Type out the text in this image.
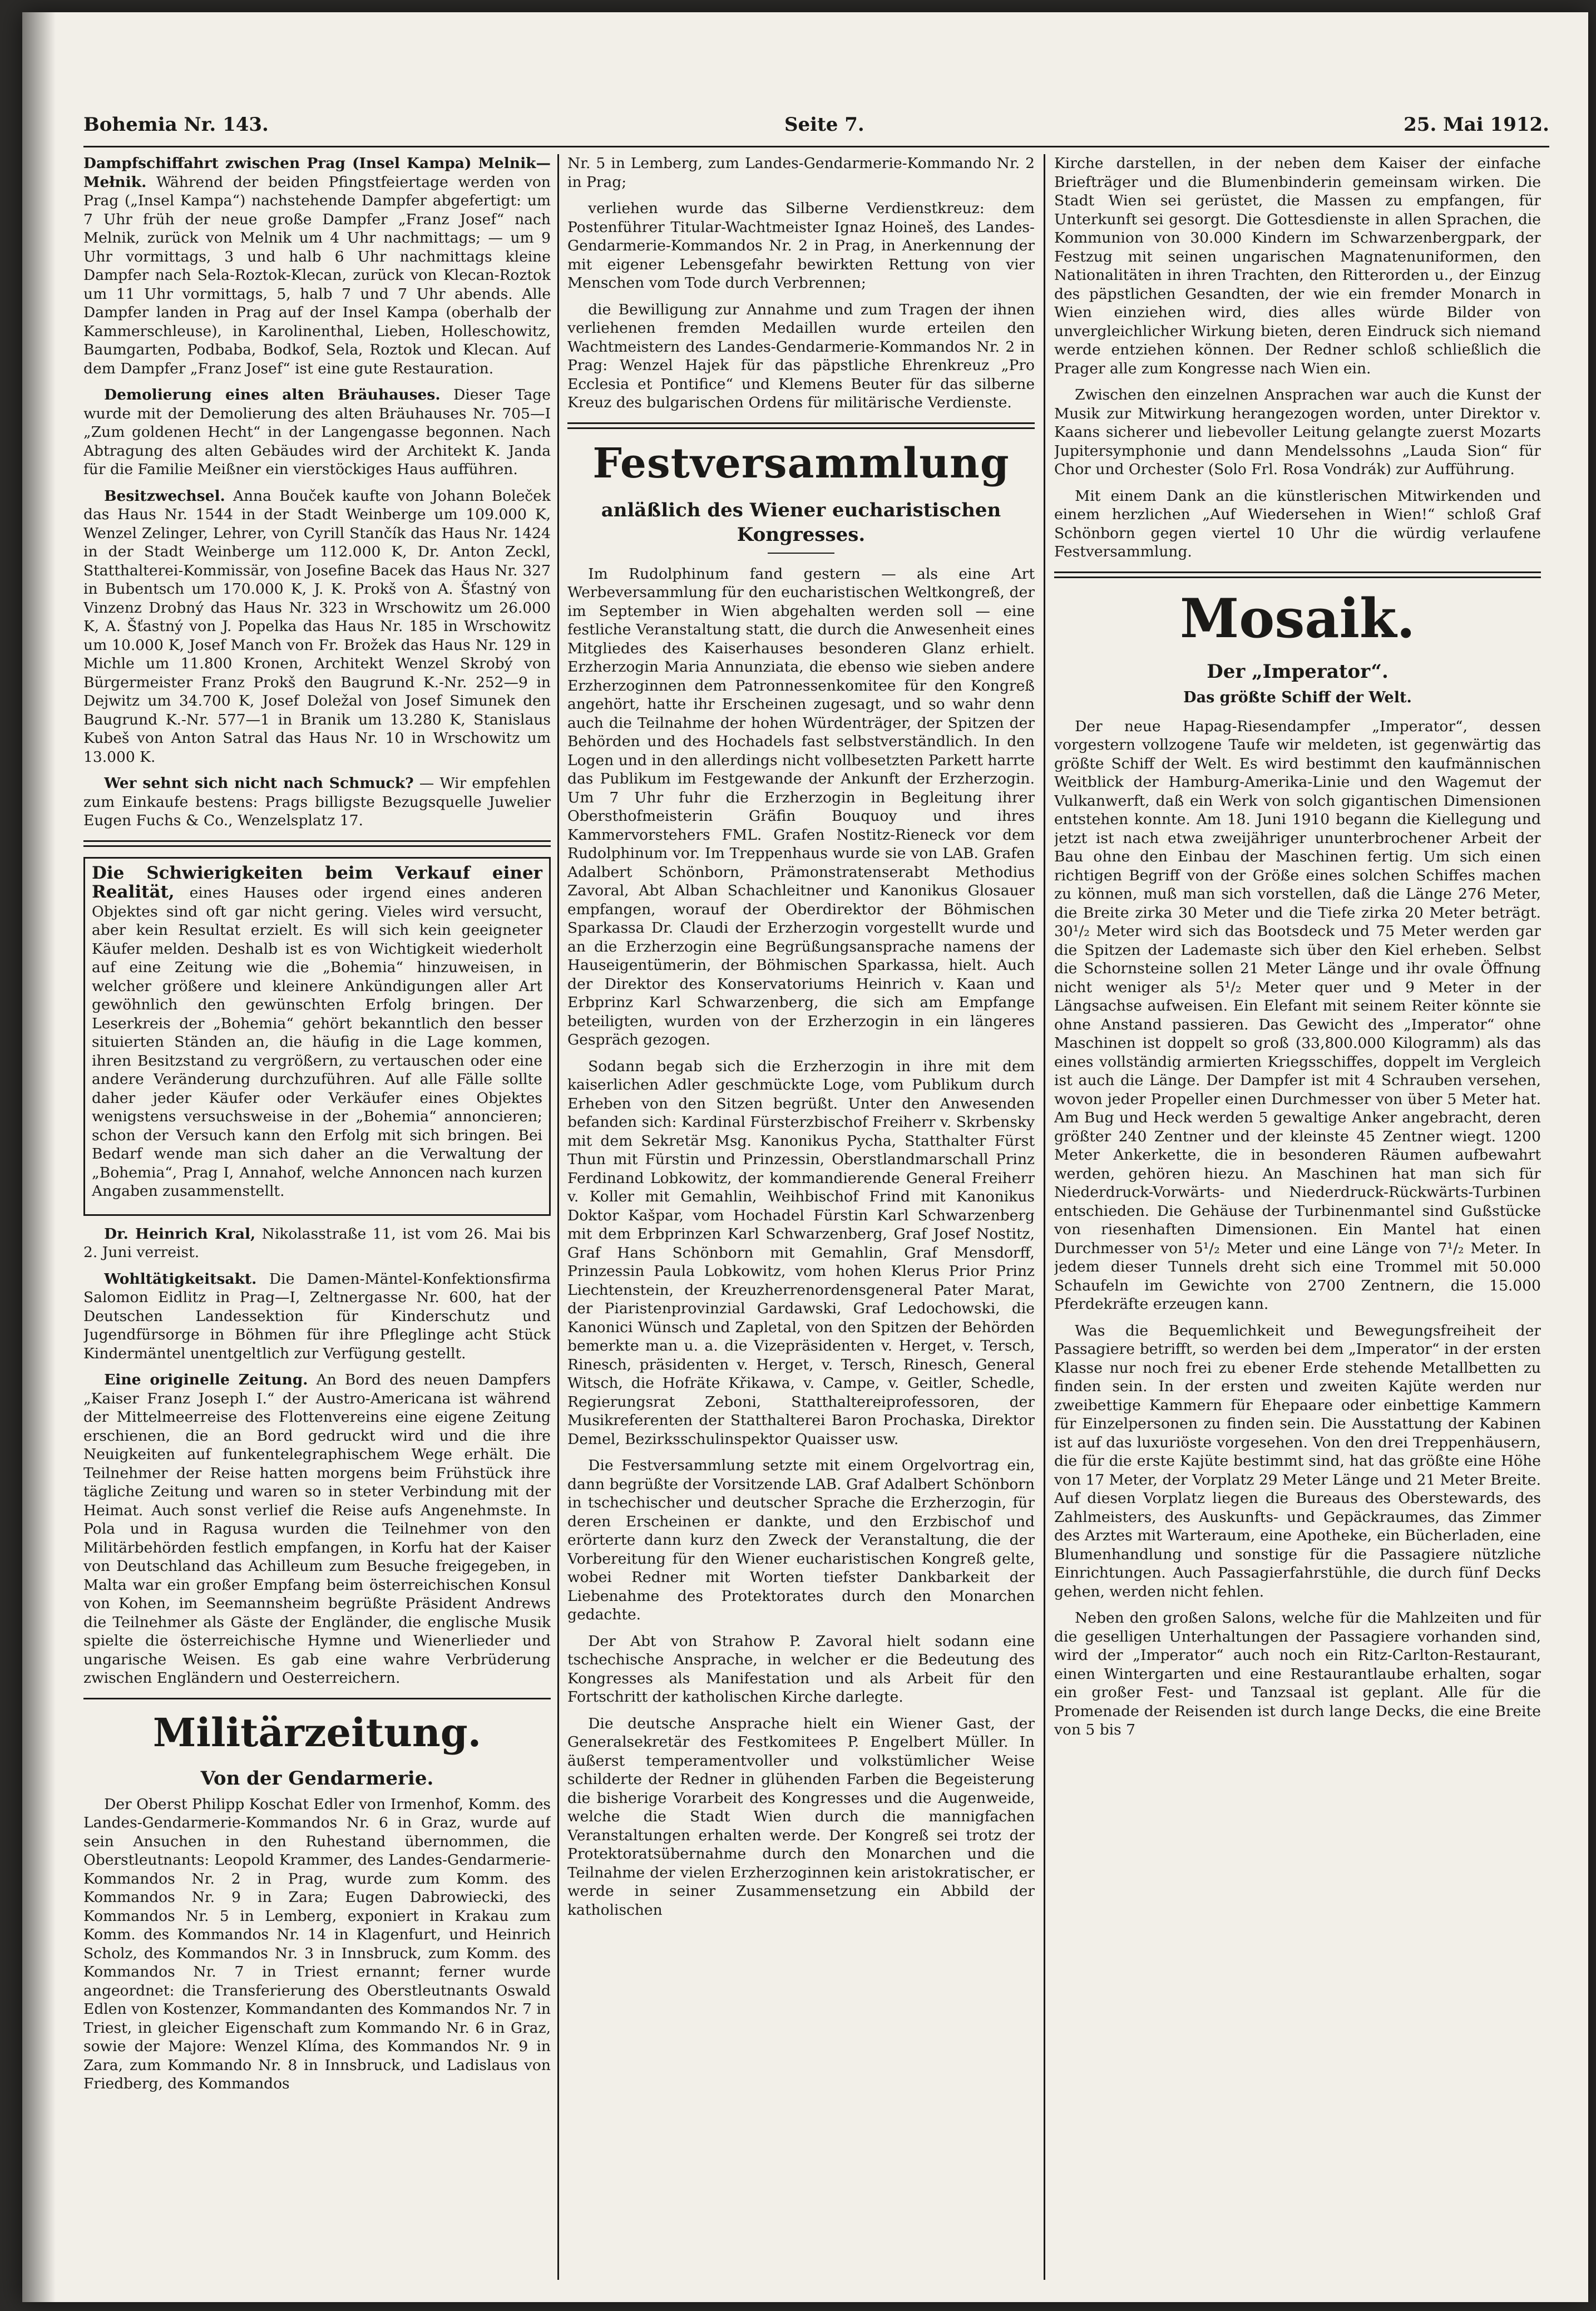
Bohemia Nr. 143.	Seite 7.	25. Mai 1912.

Dampfschiffahrt zwischen Prag (Insel Kampa) Melnik—Mełnik. Während der beiden Pfingstfeiertage werden von Prag („Insel Kampa“) nachstehende Dampfer abgefertigt: um 7 Uhr früh der neue große Dampfer „Franz Josef“ nach Melnik, zurück von Melnik um 4 Uhr nachmittags; — um 9 Uhr vormittags, 3 und halb 6 Uhr nachmittags kleine Dampfer nach Sela-Roztok-Klecan, zurück von Klecan-Roztok um 11 Uhr vormittags, 5, halb 7 und 7 Uhr abends. Alle Dampfer landen in Prag auf der Insel Kampa (oberhalb der Kammerschleuse), in Karolinenthal, Lieben, Holleschowitz, Baumgarten, Podbaba, Bodkof, Sela, Roztok und Klecan. Auf dem Dampfer „Franz Josef“ ist eine gute Restauration.

Demolierung eines alten Bräuhauses. Dieser Tage wurde mit der Demolierung des alten Bräuhauses Nr. 705—I „Zum goldenen Hecht“ in der Langengasse begonnen. Nach Abtragung des alten Gebäudes wird der Architekt K. Janda für die Familie Meißner ein vierstöckiges Haus aufführen.

Besitzwechsel. Anna Bouček kaufte von Johann Boleček das Haus Nr. 1544 in der Stadt Weinberge um 109.000 K, Wenzel Zelinger, Lehrer, von Cyrill Stančík das Haus Nr. 1424 in der Stadt Weinberge um 112.000 K, Dr. Anton Zeckl, Statthalterei-Kommissär, von Josefine Bacek das Haus Nr. 327 in Bubentsch um 170.000 K, J. K. Prokš von A. Šťastný von Vinzenz Drobný das Haus Nr. 323 in Wrschowitz um 26.000 K, A. Šťastný von J. Popelka das Haus Nr. 185 in Wrschowitz um 10.000 K, Josef Manch von Fr. Brožek das Haus Nr. 129 in Michle um 11.800 Kronen, Architekt Wenzel Skrobý von Bürgermeister Franz Prokš den Baugrund K.-Nr. 252—9 in Dejwitz um 34.700 K, Josef Doležal von Josef Simunek den Baugrund K.-Nr. 577—1 in Branik um 13.280 K, Stanislaus Kubeš von Anton Satral das Haus Nr. 10 in Wrschowitz um 13.000 K.

Wer sehnt sich nicht nach Schmuck? — Wir empfehlen zum Einkaufe bestens: Prags billigste Bezugsquelle Juwelier Eugen Fuchs & Co., Wenzelsplatz 17.

Die Schwierigkeiten beim Verkauf einer Realität, eines Hauses oder irgend eines anderen Objektes sind oft gar nicht gering. Vieles wird versucht, aber kein Resultat erzielt. Es will sich kein geeigneter Käufer melden. Deshalb ist es von Wichtigkeit wiederholt auf eine Zeitung wie die „Bohemia“ hinzuweisen, in welcher größere und kleinere Ankündigungen aller Art gewöhnlich den gewünschten Erfolg bringen. Der Leserkreis der „Bohemia“ gehört bekanntlich den besser situierten Ständen an, die häufig in die Lage kommen, ihren Besitzstand zu vergrößern, zu vertauschen oder eine andere Veränderung durchzuführen. Auf alle Fälle sollte daher jeder Käufer oder Verkäufer eines Objektes wenigstens versuchsweise in der „Bohemia“ annoncieren; schon der Versuch kann den Erfolg mit sich bringen. Bei Bedarf wende man sich daher an die Verwaltung der „Bohemia“, Prag I, Annahof, welche Annoncen nach kurzen Angaben zusammenstellt.

Dr. Heinrich Kral, Nikolasstraße 11, ist vom 26. Mai bis 2. Juni verreist.

Wohltätigkeitsakt. Die Damen-Mäntel-Konfektionsfirma Salomon Eidlitz in Prag—I, Zeltnergasse Nr. 600, hat der Deutschen Landessektion für Kinderschutz und Jugendfürsorge in Böhmen für ihre Pfleglinge acht Stück Kindermäntel unentgeltlich zur Verfügung gestellt.

Eine originelle Zeitung. An Bord des neuen Dampfers „Kaiser Franz Joseph I.“ der Austro-Americana ist während der Mittelmeerreise des Flottenvereins eine eigene Zeitung erschienen, die an Bord gedruckt wird und die ihre Neuigkeiten auf funkentelegraphischem Wege erhält. Die Teilnehmer der Reise hatten morgens beim Frühstück ihre tägliche Zeitung und waren so in steter Verbindung mit der Heimat. Auch sonst verlief die Reise aufs Angenehmste. In Pola und in Ragusa wurden die Teilnehmer von den Militärbehörden festlich empfangen, in Korfu hat der Kaiser von Deutschland das Achilleum zum Besuche freigegeben, in Malta war ein großer Empfang beim österreichischen Konsul von Kohen, im Seemannsheim begrüßte Präsident Andrews die Teilnehmer als Gäste der Engländer, die englische Musik spielte die österreichische Hymne und Wienerlieder und ungarische Weisen. Es gab eine wahre Verbrüderung zwischen Engländern und Oesterreichern.

Militärzeitung.
Von der Gendarmerie.

Der Oberst Philipp Koschat Edler von Irmenhof, Komm. des Landes-Gendarmerie-Kommandos Nr. 6 in Graz, wurde auf sein Ansuchen in den Ruhestand übernommen, die Oberstleutnants: Leopold Krammer, des Landes-Gendarmerie-Kommandos Nr. 2 in Prag, wurde zum Komm. des Kommandos Nr. 9 in Zara; Eugen Dabrowiecki, des Kommandos Nr. 5 in Lemberg, exponiert in Krakau zum Komm. des Kommandos Nr. 14 in Klagenfurt, und Heinrich Scholz, des Kommandos Nr. 3 in Innsbruck, zum Komm. des Kommandos Nr. 7 in Triest ernannt; ferner wurde angeordnet: die Transferierung des Oberstleutnants Oswald Edlen von Kostenzer, Kommandanten des Kommandos Nr. 7 in Triest, in gleicher Eigenschaft zum Kommando Nr. 6 in Graz, sowie der Majore: Wenzel Klíma, des Kommandos Nr. 9 in Zara, zum Kommando Nr. 8 in Innsbruck, und Ladislaus von Friedberg, des Kommandos

Nr. 5 in Lemberg, zum Landes-Gendarmerie-Kommando Nr. 2 in Prag;

verliehen wurde das Silberne Verdienstkreuz: dem Postenführer Titular-Wachtmeister Ignaz Hoineš, des Landes-Gendarmerie-Kommandos Nr. 2 in Prag, in Anerkennung der mit eigener Lebensgefahr bewirkten Rettung von vier Menschen vom Tode durch Verbrennen;

die Bewilligung zur Annahme und zum Tragen der ihnen verliehenen fremden Medaillen wurde erteilen den Wachtmeistern des Landes-Gendarmerie-Kommandos Nr. 2 in Prag: Wenzel Hajek für das päpstliche Ehrenkreuz „Pro Ecclesia et Pontifice“ und Klemens Beuter für das silberne Kreuz des bulgarischen Ordens für militärische Verdienste.

Festversammlung
anläßlich des Wiener eucharistischen Kongresses.

Im Rudolphinum fand gestern — als eine Art Werbeversammlung für den eucharistischen Weltkongreß, der im September in Wien abgehalten werden soll — eine festliche Veranstaltung statt, die durch die Anwesenheit eines Mitgliedes des Kaiserhauses besonderen Glanz erhielt. Erzherzogin Maria Annunziata, die ebenso wie sieben andere Erzherzoginnen dem Patronnessenkomitee für den Kongreß angehört, hatte ihr Erscheinen zugesagt, und so wahr denn auch die Teilnahme der hohen Würdenträger, der Spitzen der Behörden und des Hochadels fast selbstverständlich. In den Logen und in den allerdings nicht vollbesetzten Parkett harrte das Publikum im Festgewande der Ankunft der Erzherzogin. Um 7 Uhr fuhr die Erzherzogin in Begleitung ihrer Obersthofmeisterin Gräfin Bouquoy und ihres Kammervorstehers FML. Grafen Nostitz-Rieneck vor dem Rudolphinum vor. Im Treppenhaus wurde sie von LAB. Grafen Adalbert Schönborn, Prämonstratenserabt Methodius Zavoral, Abt Alban Schachleitner und Kanonikus Glosauer empfangen, worauf der Oberdirektor der Böhmischen Sparkassa Dr. Claudi der Erzherzogin vorgestellt wurde und an die Erzherzogin eine Begrüßungsansprache namens der Hauseigentümerin, der Böhmischen Sparkassa, hielt. Auch der Direktor des Konservatoriums Heinrich v. Kaan und Erbprinz Karl Schwarzenberg, die sich am Empfange beteiligten, wurden von der Erzherzogin in ein längeres Gespräch gezogen.

Sodann begab sich die Erzherzogin in ihre mit dem kaiserlichen Adler geschmückte Loge, vom Publikum durch Erheben von den Sitzen begrüßt. Unter den Anwesenden befanden sich: Kardinal Fürsterzbischof Freiherr v. Skrbensky mit dem Sekretär Msg. Kanonikus Pycha, Statthalter Fürst Thun mit Fürstin und Prinzessin, Oberstlandmarschall Prinz Ferdinand Lobkowitz, der kommandierende General Freiherr v. Koller mit Gemahlin, Weihbischof Frind mit Kanonikus Doktor Kašpar, vom Hochadel Fürstin Karl Schwarzenberg mit dem Erbprinzen Karl Schwarzenberg, Graf Josef Nostitz, Graf Hans Schönborn mit Gemahlin, Graf Mensdorff, Prinzessin Paula Lobkowitz, vom hohen Klerus Prior Prinz Liechtenstein, der Kreuzherrenordensgeneral Pater Marat, der Piaristenprovinzial Gardawski, Graf Ledochowski, die Kanonici Wünsch und Zapletal, von den Spitzen der Behörden bemerkte man u. a. die Vizepräsidenten v. Herget, v. Tersch, Rinesch, präsidenten v. Herget, v. Tersch, Rinesch, General Witsch, die Hofräte Křikawa, v. Campe, v. Geitler, Schedle, Regierungsrat Zeboni, Statthaltereiprofessoren, der Musikreferenten der Statthalterei Baron Prochaska, Direktor Demel, Bezirksschulinspektor Quaisser usw.

Die Festversammlung setzte mit einem Orgelvortrag ein, dann begrüßte der Vorsitzende LAB. Graf Adalbert Schönborn in tschechischer und deutscher Sprache die Erzherzogin, für deren Erscheinen er dankte, und den Erzbischof und erörterte dann kurz den Zweck der Veranstaltung, die der Vorbereitung für den Wiener eucharistischen Kongreß gelte, wobei Redner mit Worten tiefster Dankbarkeit der Liebenahme des Protektorates durch den Monarchen gedachte.

Der Abt von Strahow P. Zavoral hielt sodann eine tschechische Ansprache, in welcher er die Bedeutung des Kongresses als Manifestation und als Arbeit für den Fortschritt der katholischen Kirche darlegte.

Die deutsche Ansprache hielt ein Wiener Gast, der Generalsekretär des Festkomitees P. Engelbert Müller. In äußerst temperamentvoller und volkstümlicher Weise schilderte der Redner in glühenden Farben die Begeisterung die bisherige Vorarbeit des Kongresses und die Augenweide, welche die Stadt Wien durch die mannigfachen Veranstaltungen erhalten werde. Der Kongreß sei trotz der Protektoratsübernahme durch den Monarchen und die Teilnahme der vielen Erzherzoginnen kein aristokratischer, er werde in seiner Zusammensetzung ein Abbild der katholischen

Kirche darstellen, in der neben dem Kaiser der einfache Briefträger und die Blumenbinderin gemeinsam wirken. Die Stadt Wien sei gerüstet, die Massen zu empfangen, für Unterkunft sei gesorgt. Die Gottesdienste in allen Sprachen, die Kommunion von 30.000 Kindern im Schwarzenbergpark, der Festzug mit seinen ungarischen Magnatenuniformen, den Nationalitäten in ihren Trachten, den Ritterorden u., der Einzug des päpstlichen Gesandten, der wie ein fremder Monarch in Wien einziehen wird, dies alles würde Bilder von unvergleichlicher Wirkung bieten, deren Eindruck sich niemand werde entziehen können. Der Redner schloß schließlich die Prager alle zum Kongresse nach Wien ein.

Zwischen den einzelnen Ansprachen war auch die Kunst der Musik zur Mitwirkung herangezogen worden, unter Direktor v. Kaans sicherer und liebevoller Leitung gelangte zuerst Mozarts Jupitersymphonie und dann Mendelssohns „Lauda Sion“ für Chor und Orchester (Solo Frl. Rosa Vondrák) zur Aufführung.

Mit einem Dank an die künstlerischen Mitwirkenden und einem herzlichen „Auf Wiedersehen in Wien!“ schloß Graf Schönborn gegen viertel 10 Uhr die würdig verlaufene Festversammlung.

Mosaik.
Der „Imperator“.
Das größte Schiff der Welt.

Der neue Hapag-Riesendampfer „Imperator“, dessen vorgestern vollzogene Taufe wir meldeten, ist gegenwärtig das größte Schiff der Welt. Es wird bestimmt den kaufmännischen Weitblick der Hamburg-Amerika-Linie und den Wagemut der Vulkanwerft, daß ein Werk von solch gigantischen Dimensionen entstehen konnte. Am 18. Juni 1910 begann die Kiellegung und jetzt ist nach etwa zweijähriger ununterbrochener Arbeit der Bau ohne den Einbau der Maschinen fertig. Um sich einen richtigen Begriff von der Größe eines solchen Schiffes machen zu können, muß man sich vorstellen, daß die Länge 276 Meter, die Breite zirka 30 Meter und die Tiefe zirka 20 Meter beträgt. 30¹/₂ Meter wird sich das Bootsdeck und 75 Meter werden gar die Spitzen der Lademaste sich über den Kiel erheben. Selbst die Schornsteine sollen 21 Meter Länge und ihr ovale Öffnung nicht weniger als 5¹/₂ Meter quer und 9 Meter in der Längsachse aufweisen. Ein Elefant mit seinem Reiter könnte sie ohne Anstand passieren. Das Gewicht des „Imperator“ ohne Maschinen ist doppelt so groß (33,800.000 Kilogramm) als das eines vollständig armierten Kriegsschiffes, doppelt im Vergleich ist auch die Länge. Der Dampfer ist mit 4 Schrauben versehen, wovon jeder Propeller einen Durchmesser von über 5 Meter hat. Am Bug und Heck werden 5 gewaltige Anker angebracht, deren größter 240 Zentner und der kleinste 45 Zentner wiegt. 1200 Meter Ankerkette, die in besonderen Räumen aufbewahrt werden, gehören hiezu. An Maschinen hat man sich für Niederdruck-Vorwärts- und Niederdruck-Rückwärts-Turbinen entschieden. Die Gehäuse der Turbinenmantel sind Gußstücke von riesenhaften Dimensionen. Ein Mantel hat einen Durchmesser von 5¹/₂ Meter und eine Länge von 7¹/₂ Meter. In jedem dieser Tunnels dreht sich eine Trommel mit 50.000 Schaufeln im Gewichte von 2700 Zentnern, die 15.000 Pferdekräfte erzeugen kann.

Was die Bequemlichkeit und Bewegungsfreiheit der Passagiere betrifft, so werden bei dem „Imperator“ in der ersten Klasse nur noch frei zu ebener Erde stehende Metallbetten zu finden sein. In der ersten und zweiten Kajüte werden nur zweibettige Kammern für Ehepaare oder einbettige Kammern für Einzelpersonen zu finden sein. Die Ausstattung der Kabinen ist auf das luxuriöste vorgesehen. Von den drei Treppenhäusern, die für die erste Kajüte bestimmt sind, hat das größte eine Höhe von 17 Meter, der Vorplatz 29 Meter Länge und 21 Meter Breite. Auf diesen Vorplatz liegen die Bureaus des Oberstewards, des Zahlmeisters, des Auskunfts- und Gepäckraumes, das Zimmer des Arztes mit Warteraum, eine Apotheke, ein Bücherladen, eine Blumenhandlung und sonstige für die Passagiere nützliche Einrichtungen. Auch Passagierfahrstühle, die durch fünf Decks gehen, werden nicht fehlen.

Neben den großen Salons, welche für die Mahlzeiten und für die geselligen Unterhaltungen der Passagiere vorhanden sind, wird der „Imperator“ auch noch ein Ritz-Carlton-Restaurant, einen Wintergarten und eine Restaurantlaube erhalten, sogar ein großer Fest- und Tanzsaal ist geplant. Alle für die Promenade der Reisenden ist durch lange Decks, die eine Breite von 5 bis 7
